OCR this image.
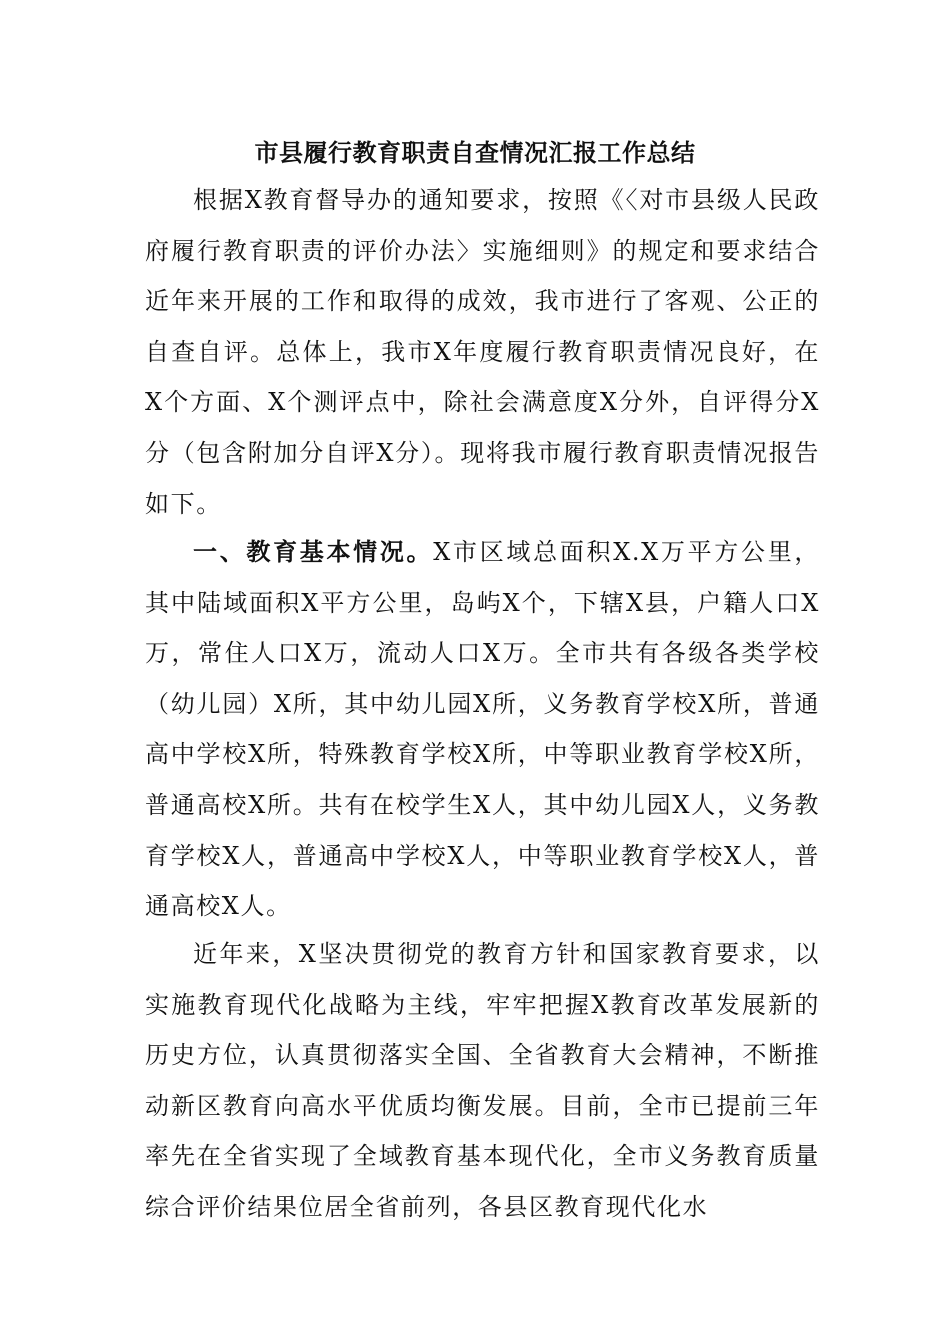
市县履行教育职责自查情况汇报工作总结

根据X教育督导办的通知要求，按照《〈对市县级人民政府履行教育职责的评价办法〉实施细则》的规定和要求结合近年来开展的工作和取得的成效，我市进行了客观、公正的自查自评。总体上，我市X年度履行教育职责情况良好，在X个方面、X个测评点中，除社会满意度X分外，自评得分X分（包含附加分自评X分）。现将我市履行教育职责情况报告如下。

一、教育基本情况。X市区域总面积X.X万平方公里，其中陆域面积X平方公里，岛屿X个，下辖X县，户籍人口X万，常住人口X万，流动人口X万。全市共有各级各类学校（幼儿园）X所，其中幼儿园X所，义务教育学校X所，普通高中学校X所，特殊教育学校X所，中等职业教育学校X所，普通高校X所。共有在校学生X人，其中幼儿园X人，义务教育学校X人，普通高中学校X人，中等职业教育学校X人，普通高校X人。

近年来，X坚决贯彻党的教育方针和国家教育要求，以实施教育现代化战略为主线，牢牢把握X教育改革发展新的历史方位，认真贯彻落实全国、全省教育大会精神，不断推动新区教育向高水平优质均衡发展。目前，全市已提前三年率先在全省实现了全域教育基本现代化，全市义务教育质量综合评价结果位居全省前列，各县区教育现代化水
